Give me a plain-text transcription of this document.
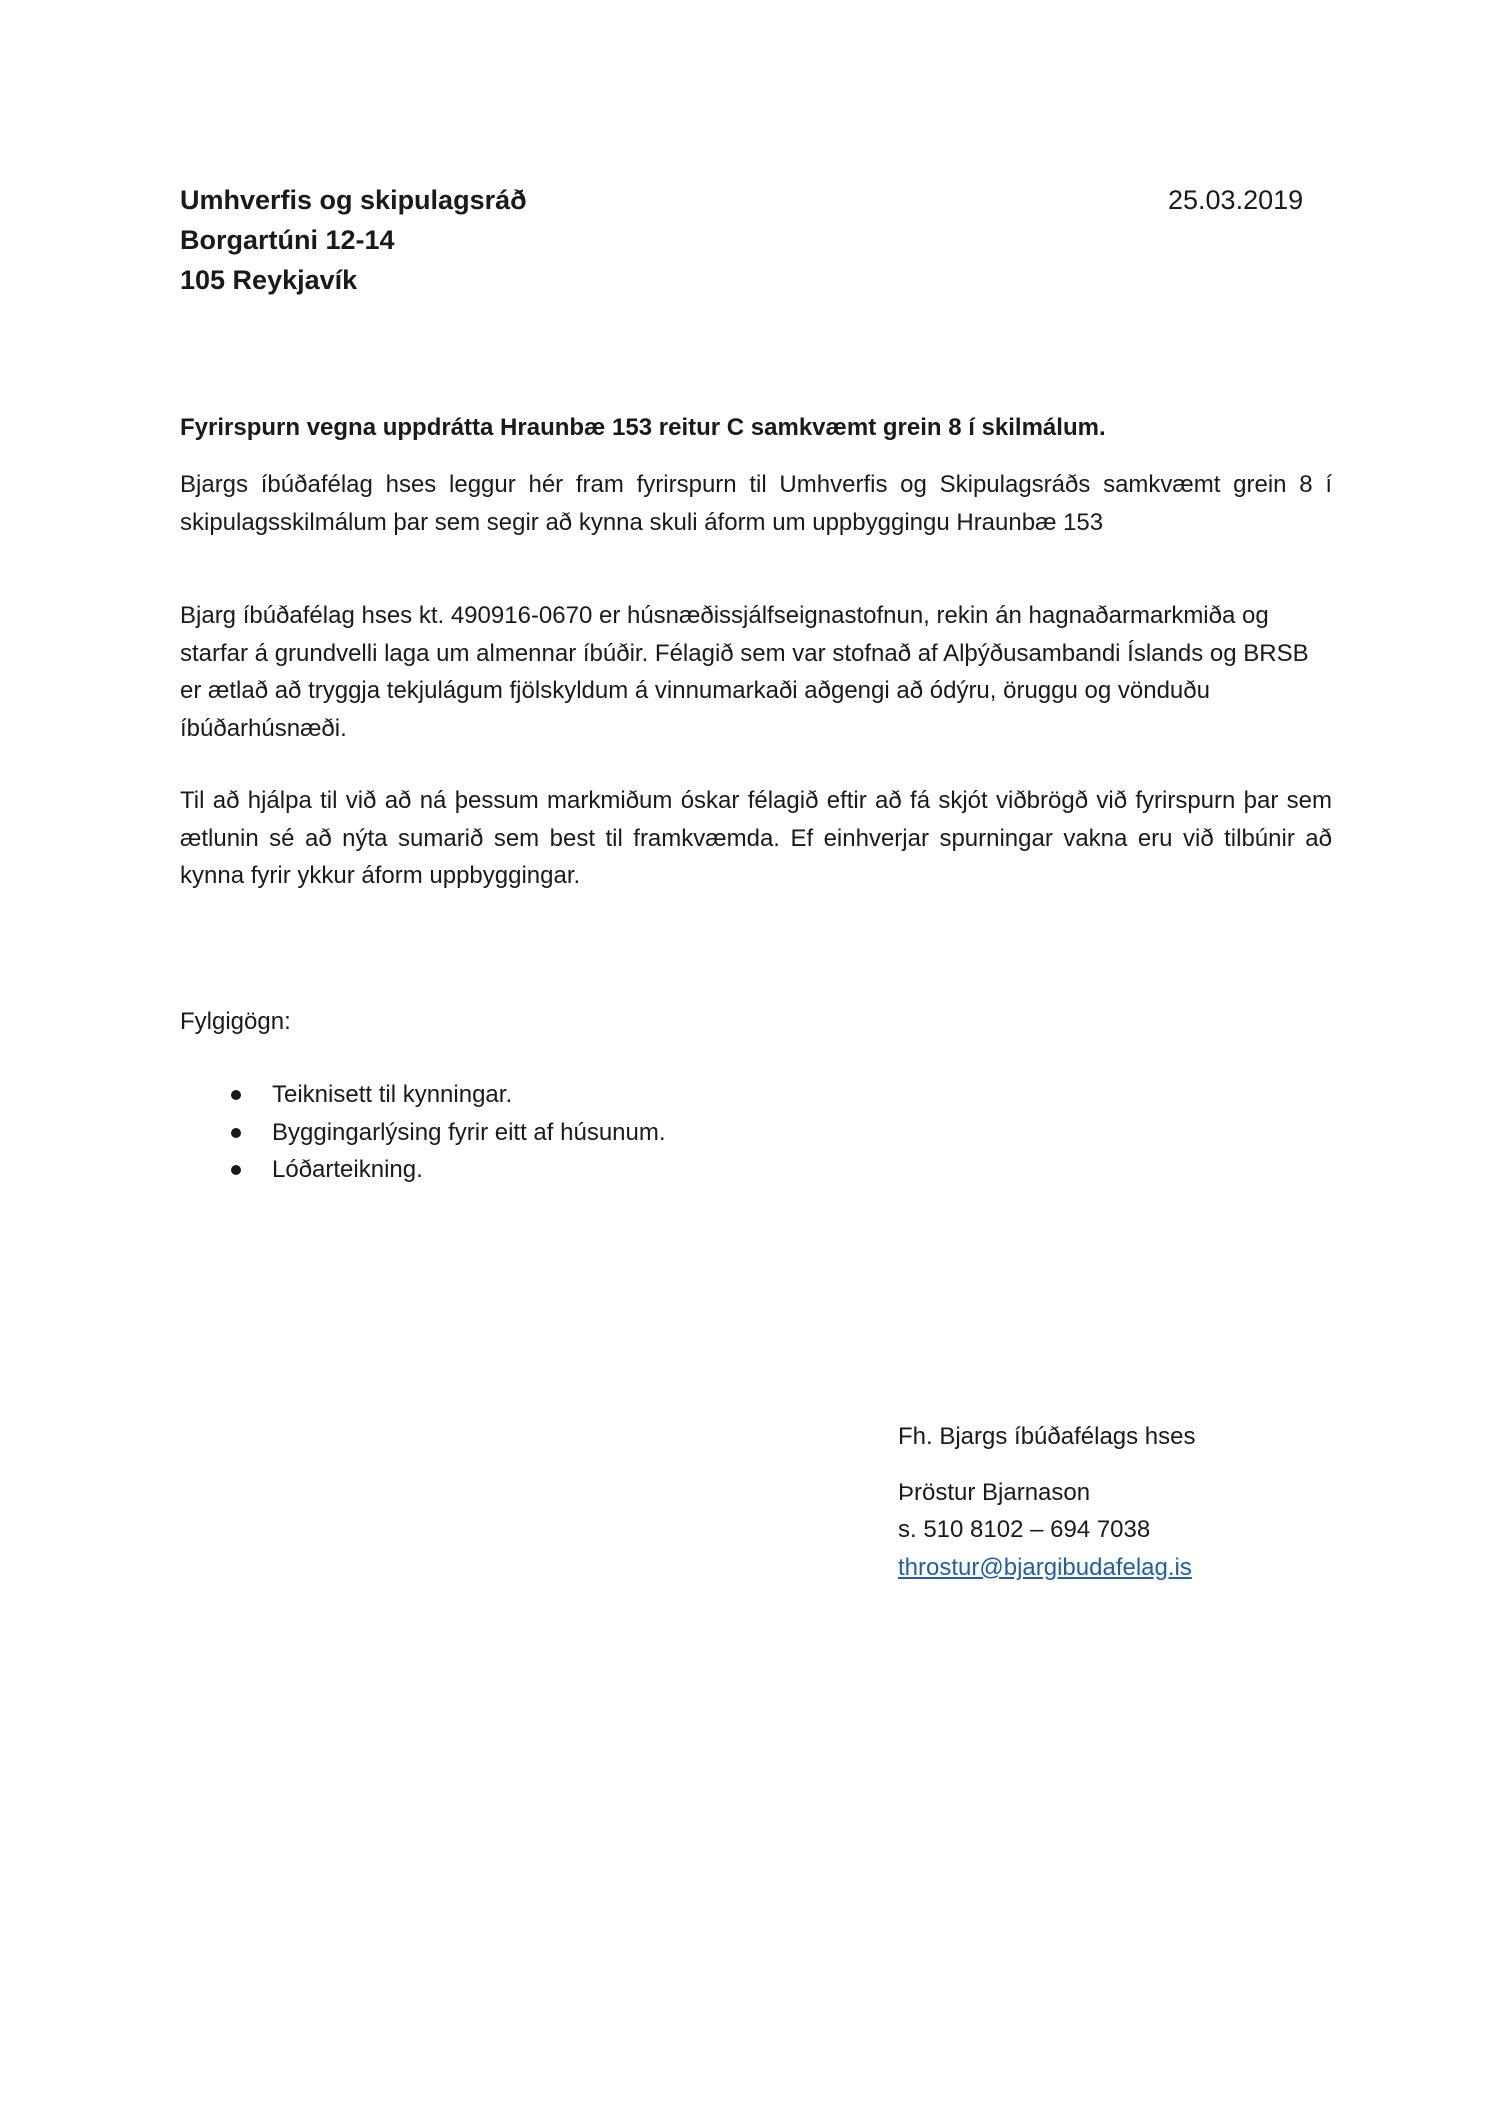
Umhverfis og skipulagsráð
Borgartúni 12-14
105 Reykjavík
25.03.2019
Fyrirspurn vegna uppdrátta Hraunbæ 153 reitur C samkvæmt grein 8 í skilmálum.

Bjargs íbúðafélag hses leggur hér fram fyrirspurn til Umhverfis og Skipulagsráðs samkvæmt grein 8 í skipulagsskilmálum þar sem segir að kynna skuli áform um uppbyggingu Hraunbæ 153

Bjarg íbúðafélag hses kt. 490916-0670 er húsnæðissjálfseignastofnun, rekin án hagnaðarmarkmiða og starfar á grundvelli laga um almennar íbúðir. Félagið sem var stofnað af Alþýðusambandi Íslands og BRSB er ætlað að tryggja tekjulágum fjölskyldum á vinnumarkaði aðgengi að ódýru, öruggu og vönduðu íbúðarhúsnæði.

Til að hjálpa til við að ná þessum markmiðum óskar félagið eftir að fá skjót viðbrögð við fyrirspurn þar sem ætlunin sé að nýta sumarið sem best til framkvæmda. Ef einhverjar spurningar vakna eru við tilbúnir að kynna fyrir ykkur áform uppbyggingar.

Fylgigögn:
Teiknisett til kynningar.
Byggingarlýsing fyrir eitt af húsunum.
Lóðarteikning.
Fh. Bjargs íbúðafélags hses
Þröstur Bjarnason
s. 510 8102 – 694 7038
throstur@bjargibudafelag.is
